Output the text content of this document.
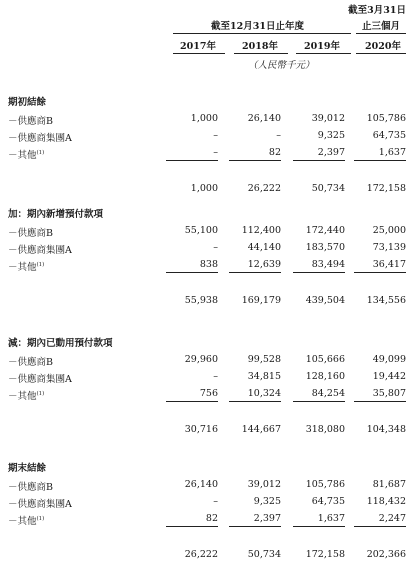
截至3月31日
截至12月31日止年度	止三個月
2017年	2018年	2019年	2020年
（人民幣千元）
期初結餘
－供應商B	1,000	26,140	39,012	105,786
－供應商集團A	–	–	9,325	64,735
－其他$^{(1)}$	–	82	2,397	1,637
1,000	26,222	50,734	172,158
加：期內新增預付款項
－供應商B	55,100	112,400	172,440	25,000
－供應商集團A	–	44,140	183,570	73,139
－其他$^{(1)}$	838	12,639	83,494	36,417
55,938	169,179	439,504	134,556
減：期內已動用預付款項
－供應商B	29,960	99,528	105,666	49,099
－供應商集團A	–	34,815	128,160	19,442
－其他$^{(1)}$	756	10,324	84,254	35,807
30,716	144,667	318,080	104,348
期末結餘
－供應商B	26,140	39,012	105,786	81,687
－供應商集團A	–	9,325	64,735	118,432
－其他$^{(1)}$	82	2,397	1,637	2,247
26,222	50,734	172,158	202,366
